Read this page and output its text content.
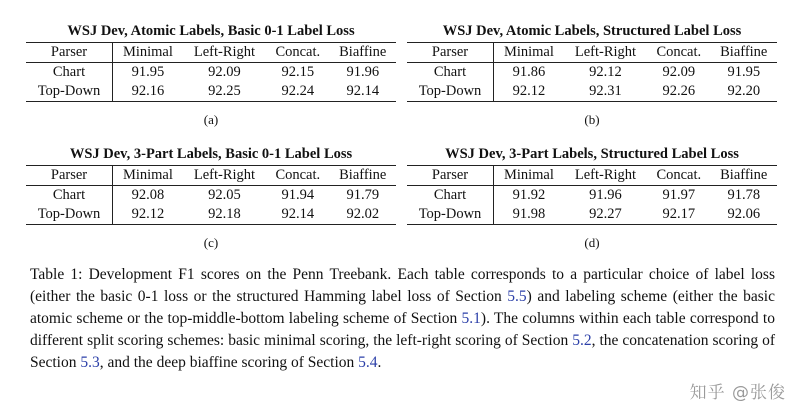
WSJ Dev, Atomic Labels, Basic 0-1 Label Loss
Parser	Minimal	Left-Right	Concat.	Biaffine
Chart	91.95	92.09	92.15	91.96
Top-Down	92.16	92.25	92.24	92.14
(a)
WSJ Dev, Atomic Labels, Structured Label Loss
Parser	Minimal	Left-Right	Concat.	Biaffine
Chart	91.86	92.12	92.09	91.95
Top-Down	92.12	92.31	92.26	92.20
(b)
WSJ Dev, 3-Part Labels, Basic 0-1 Label Loss
Parser	Minimal	Left-Right	Concat.	Biaffine
Chart	92.08	92.05	91.94	91.79
Top-Down	92.12	92.18	92.14	92.02
(c)
WSJ Dev, 3-Part Labels, Structured Label Loss
Parser	Minimal	Left-Right	Concat.	Biaffine
Chart	91.92	91.96	91.97	91.78
Top-Down	91.98	92.27	92.17	92.06
(d)
Table 1: Development F1 scores on the Penn Treebank. Each table corresponds to a particular choice of label loss (either the basic 0-1 loss or the structured Hamming label loss of Section 5.5) and labeling scheme (either the basic atomic scheme or the top-middle-bottom labeling scheme of Section 5.1). The columns within each table correspond to different split scoring schemes: basic minimal scoring, the left-right scoring of Section 5.2, the concatenation scoring of Section 5.3, and the deep biaffine scoring of Section 5.4.
知乎 @张俊
